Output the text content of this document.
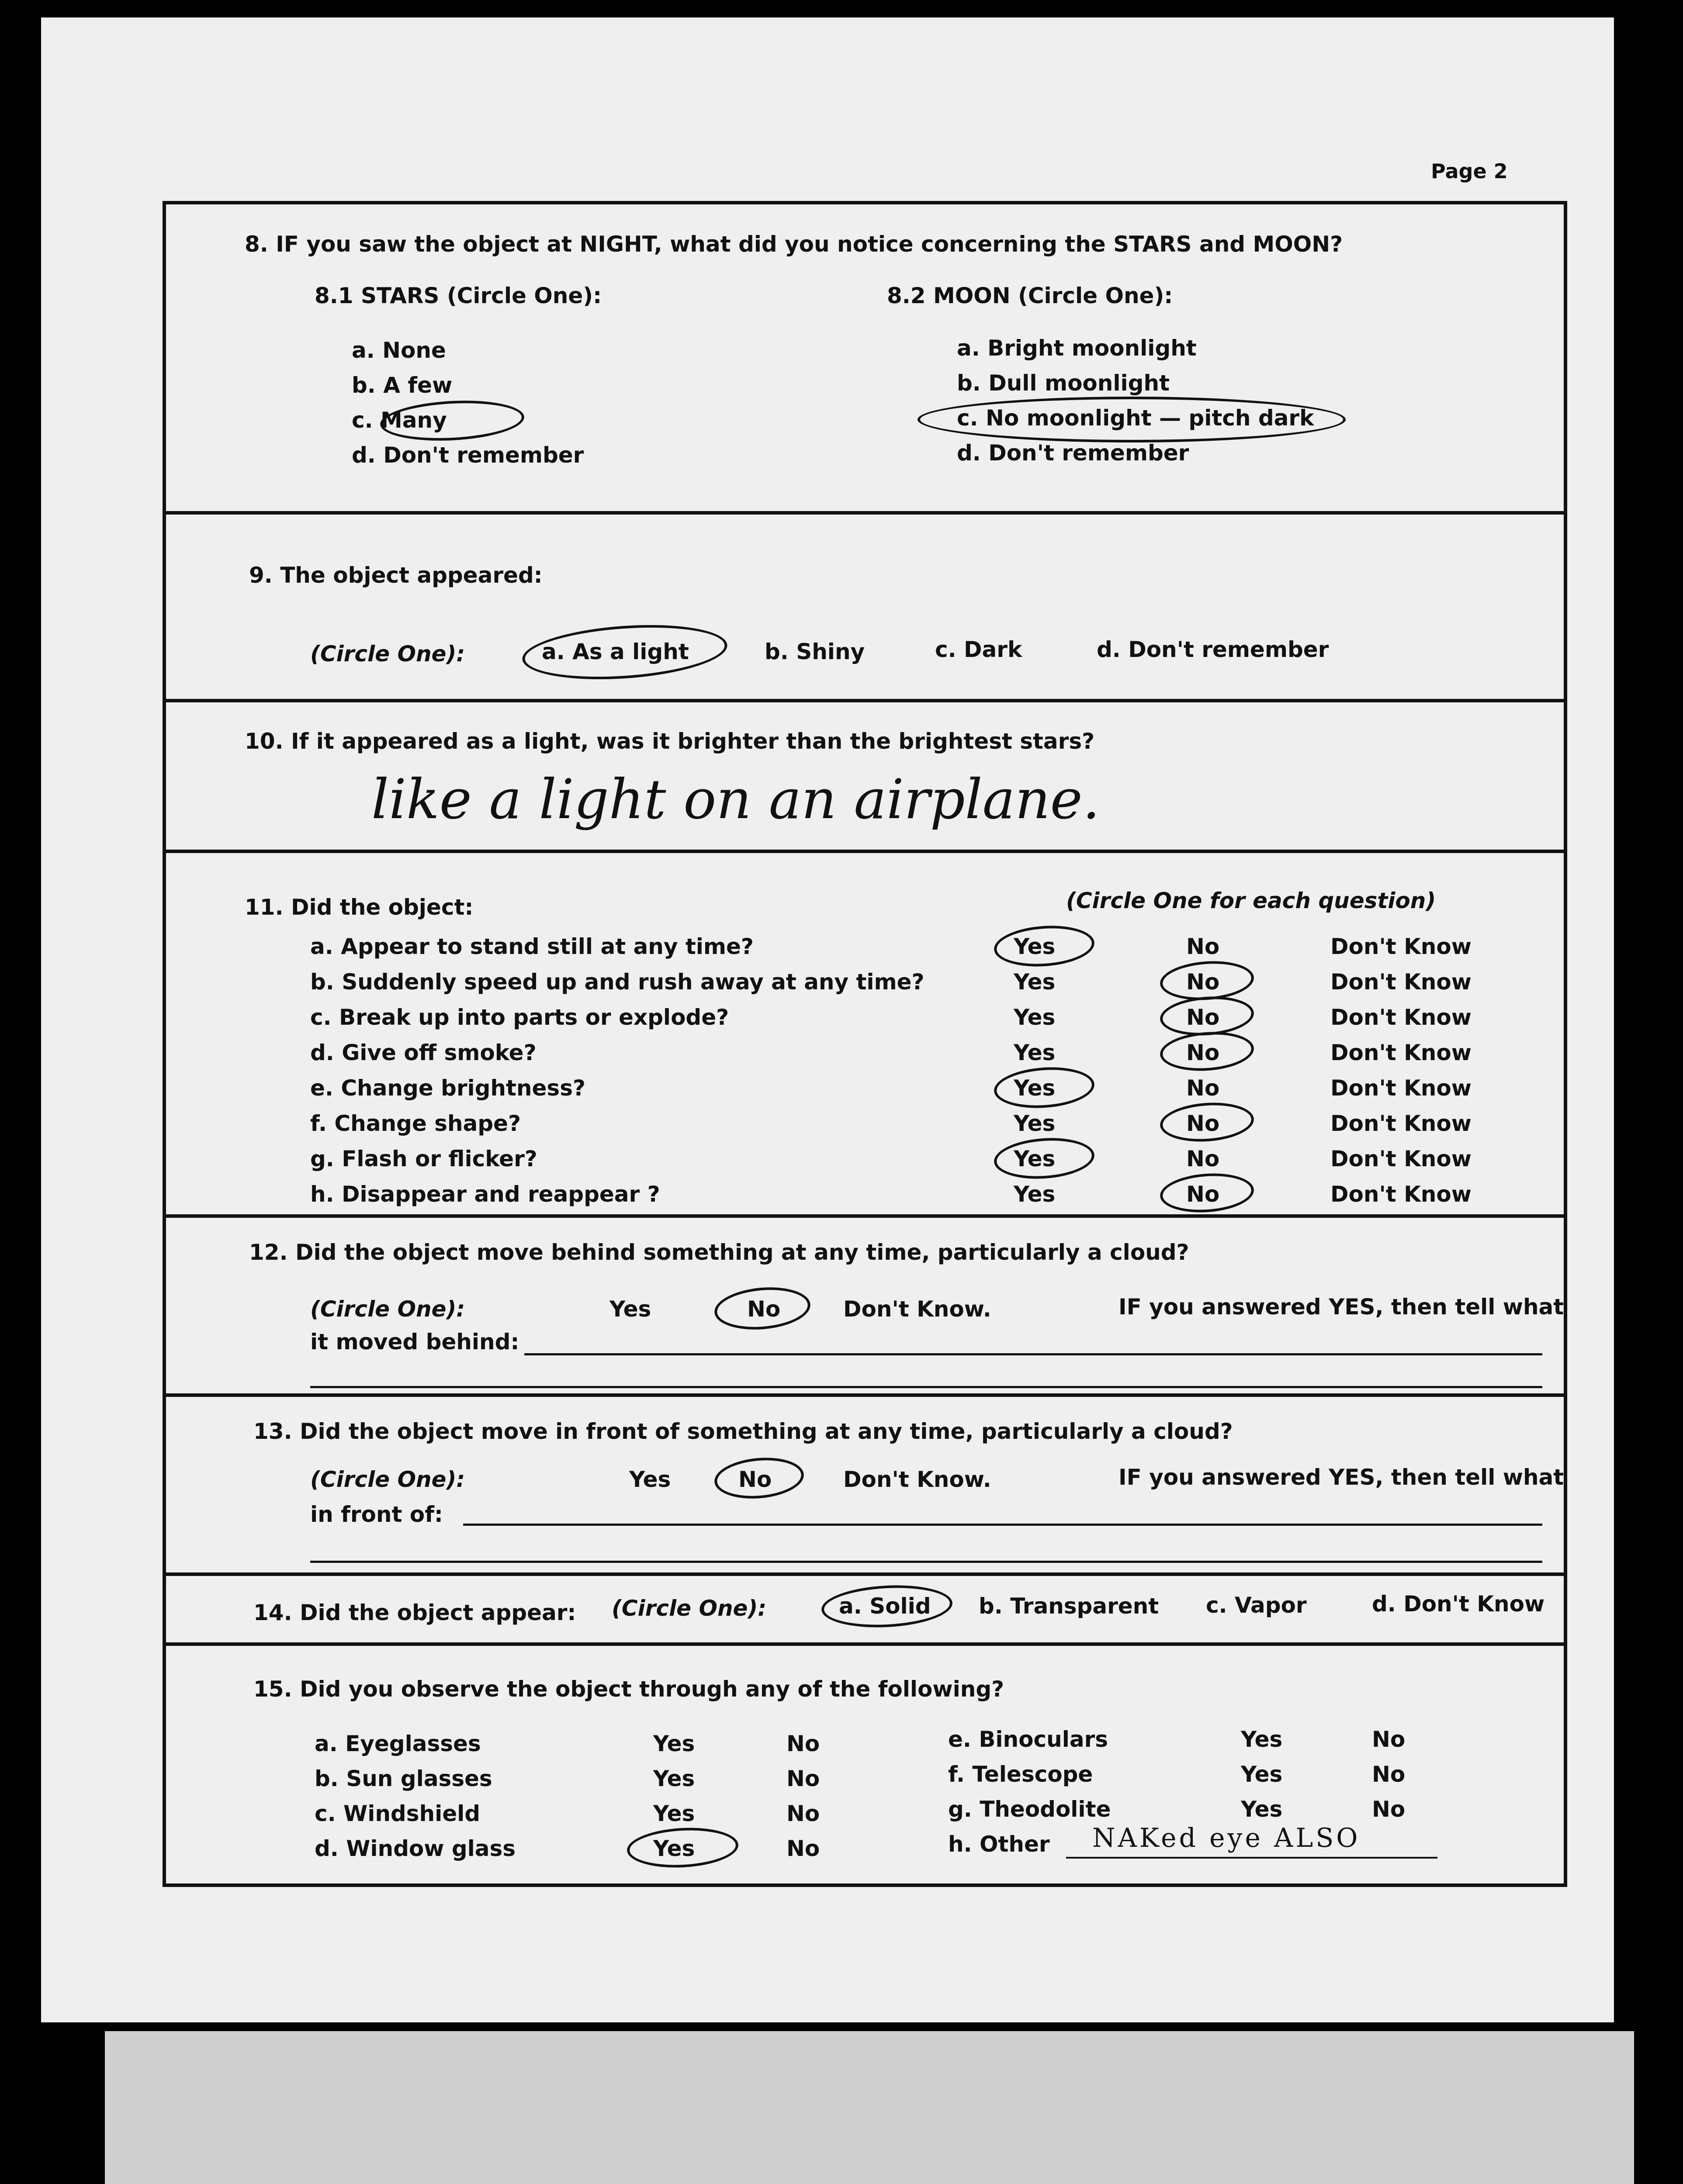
Page 2
8. IF you saw the object at NIGHT, what did you notice concerning the STARS and MOON?
8.1 STARS (Circle One):
a. None
b. A few
c. Many
d. Don't remember
8.2 MOON (Circle One):
a. Bright moonlight
b. Dull moonlight
c. No moonlight — pitch dark
d. Don't remember
9. The object appeared:
(Circle One):	a. As a light	b. Shiny	c. Dark	d. Don't remember
10. If it appeared as a light, was it brighter than the brightest stars?
like a light on an airplane.
11. Did the object:	(Circle One for each question)
a. Appear to stand still at any time?	Yes	No	Don't Know
b. Suddenly speed up and rush away at any time?	Yes	No	Don't Know
c. Break up into parts or explode?	Yes	No	Don't Know
d. Give off smoke?	Yes	No	Don't Know
e. Change brightness?	Yes	No	Don't Know
f. Change shape?	Yes	No	Don't Know
g. Flash or flicker?	Yes	No	Don't Know
h. Disappear and reappear ?	Yes	No	Don't Know
12. Did the object move behind something at any time, particularly a cloud?
(Circle One):	Yes	No	Don't Know.	IF you answered YES, then tell what
it moved behind:
13. Did the object move in front of something at any time, particularly a cloud?
(Circle One):	Yes	No	Don't Know.	IF you answered YES, then tell what
in front of:
14. Did the object appear: (Circle One):	a. Solid b. Transparent c. Vapor	d. Don't Know
15. Did you observe the object through any of the following?
a. Eyeglasses	Yes	No
b. Sun glasses	Yes	No
c. Windshield	Yes	No
d. Window glass	Yes	No
e. Binoculars	Yes	No
f. Telescope	Yes	No
g. Theodolite	Yes	No
h. Other NAKed eye ALSO
